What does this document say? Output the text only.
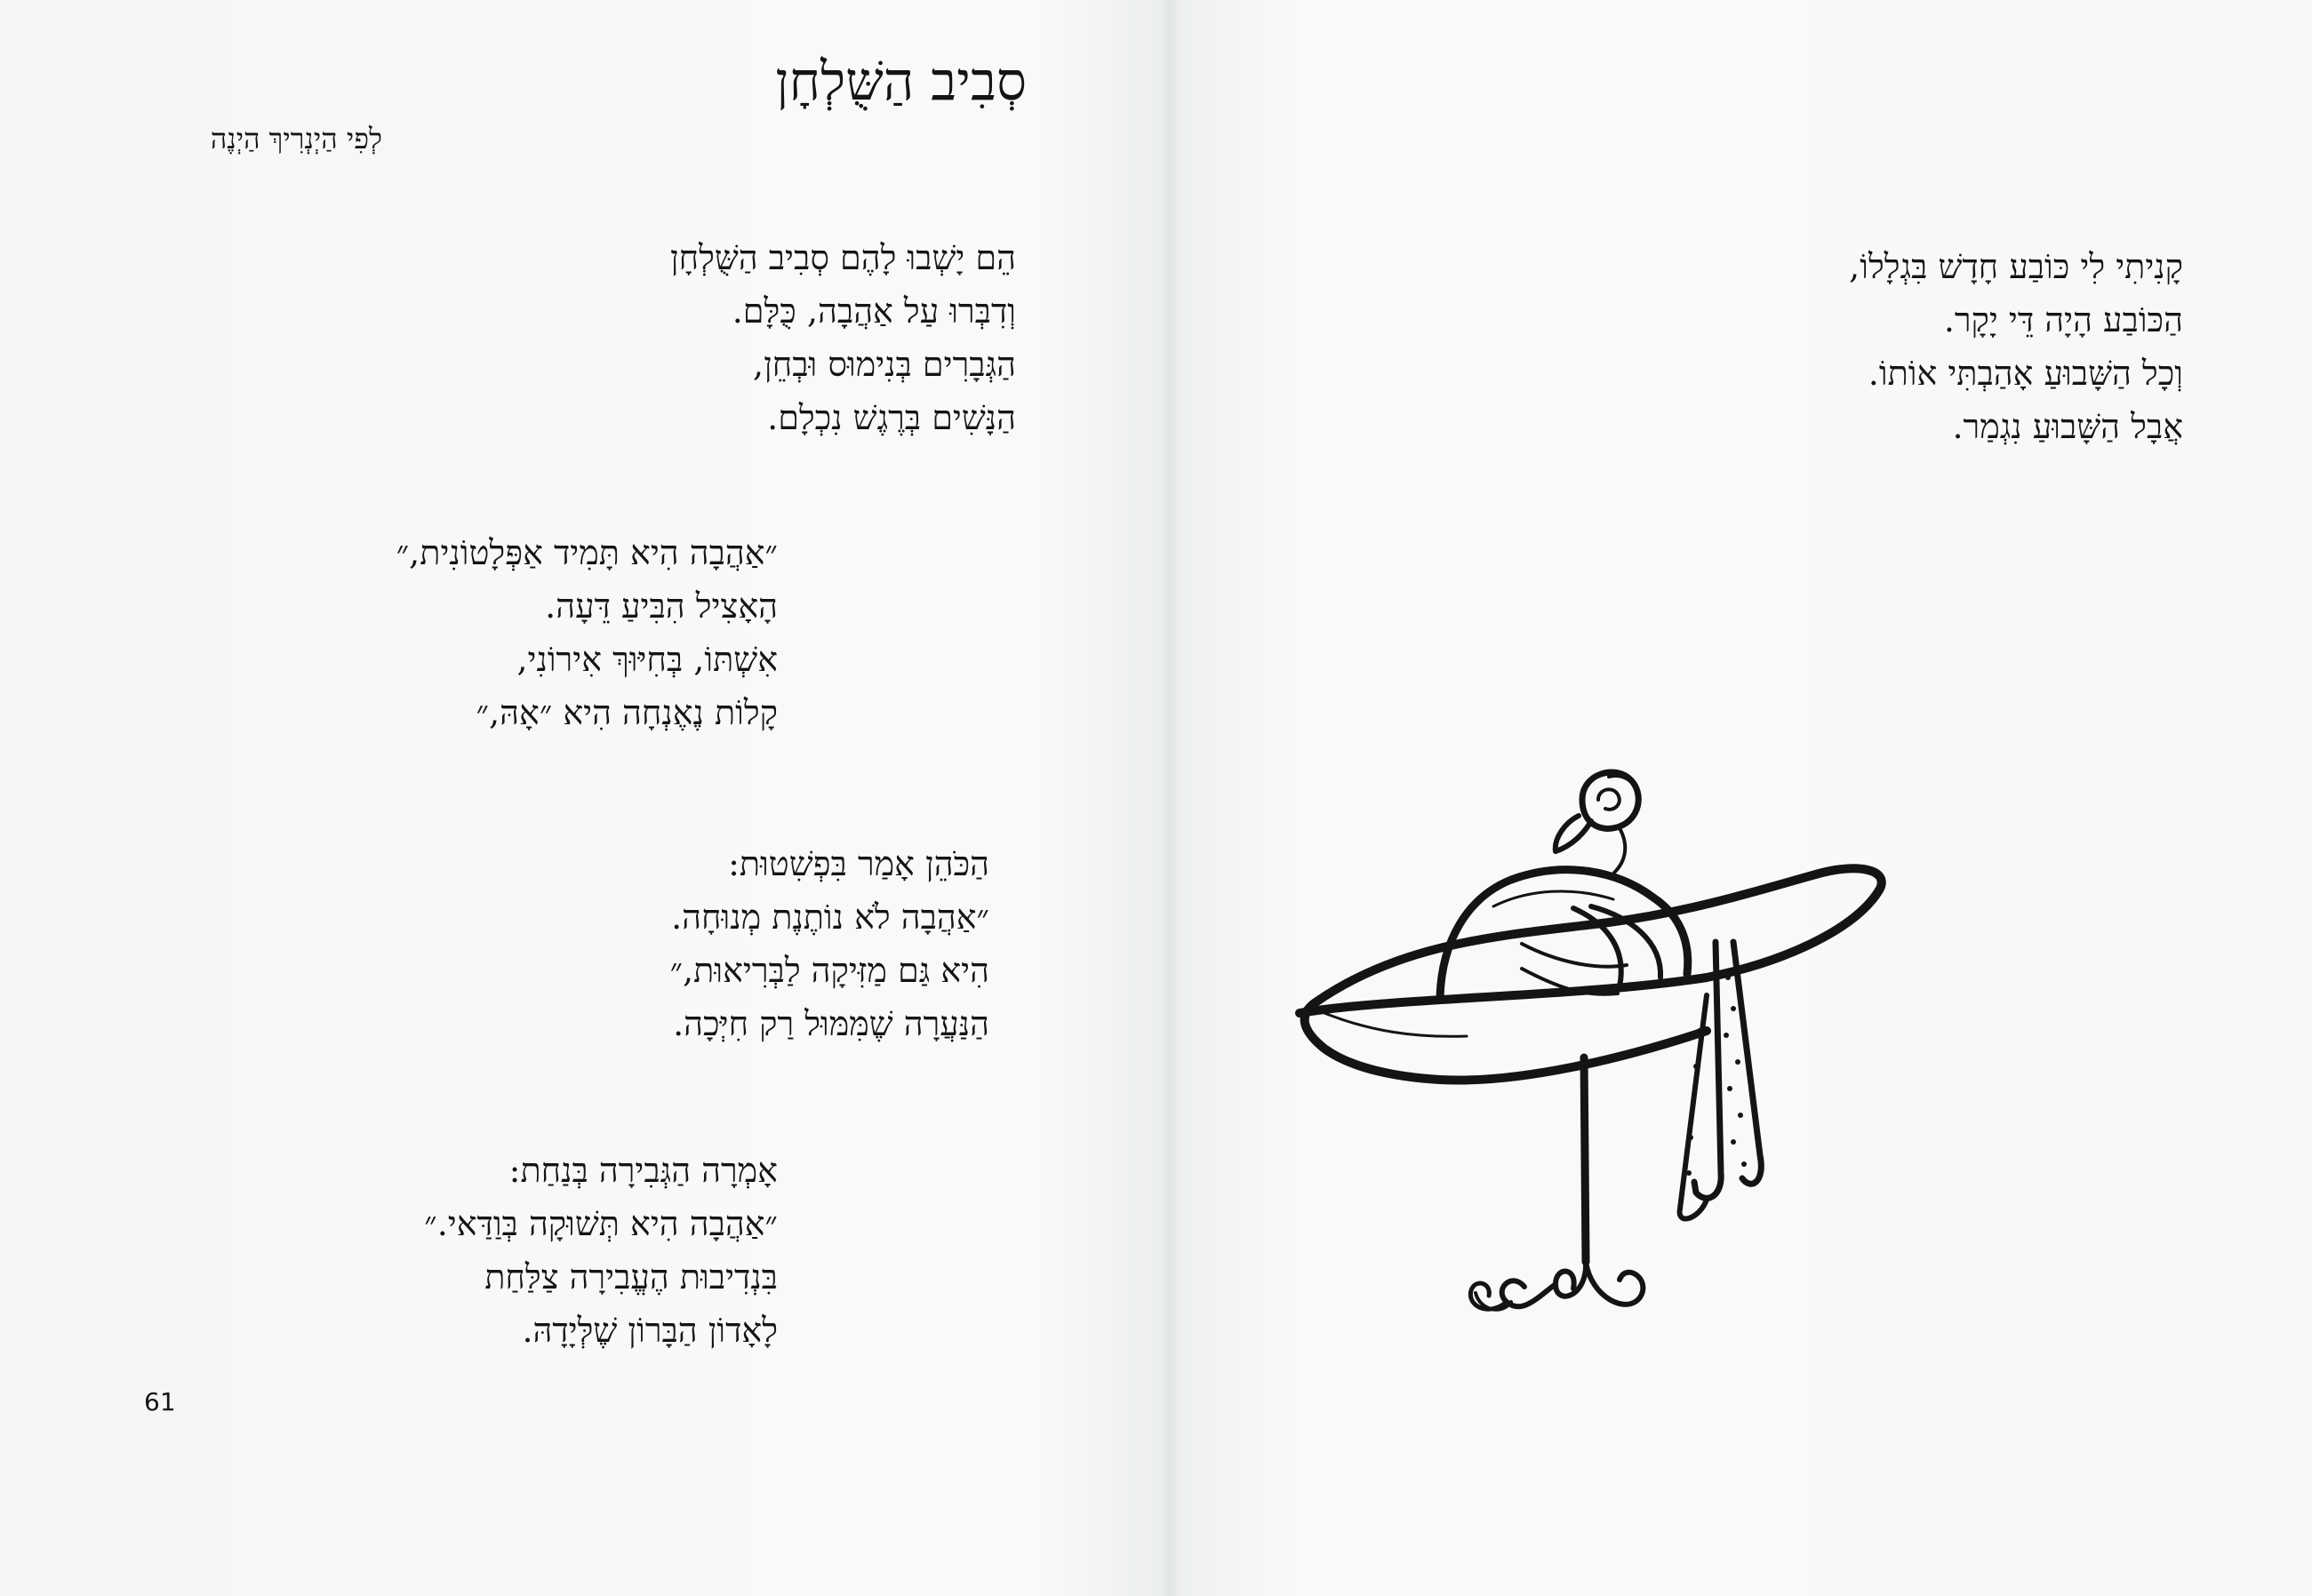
סְבִיב הַשֻּׁלְחָן
לְפִי הַיְנְרִיךְ הַיְנֶה
הֵם יָשְׁבוּ לָהֶם סְבִיב הַשֻּׁלְחָן
וְדִבְּרוּ עַל אַהֲבָה, כֻּלָּם.
הַגְּבָרִים בְּנִימוּס וּבְחֵן,
הַנָּשִׁים בְּרֶגֶשׁ נִכְלָם.
״אַהֲבָה הִיא תָּמִיד אַפְּלָטוֹנִית,״
הָאָצִיל הִבִּיעַ דֵּעָה.
אִשְׁתּוֹ, בְּחִיּוּךְ אִירוֹנִי,
קָלוֹת נֶאֶנְחָה הִיא ״אָהּ,״
הַכֹּהֵן אָמַר בִּפְשִׁטוּת:
״אַהֲבָה לֹא נוֹתֶנֶת מְנוּחָה.
הִיא גַּם מַזִּיקָה לַבְּרִיאוּת,״
הַנַּעֲרָה שֶׁמִּמּוּל רַק חִיְּכָה.
אָמְרָה הַגְּבִירָה בְּנַחַת:
״אַהֲבָה הִיא תְּשׁוּקָה בְּוַדַּאי.״
בִּנְדִיבוּת הֶעֱבִירָה צַלַּחַת
לָאָדוֹן הַבָּרוֹן שֶׁלְּיָדָהּ.
61
קָנִיתִי לִי כּוֹבַע חָדָשׁ בִּגְלָלוֹ,
הַכּוֹבַע הָיָה דֵּי יָקָר.
וְכָל הַשָּׁבוּעַ אָהַבְתִּי אוֹתוֹ.
אֲבָל הַשָּׁבוּעַ נִגְמַר.
